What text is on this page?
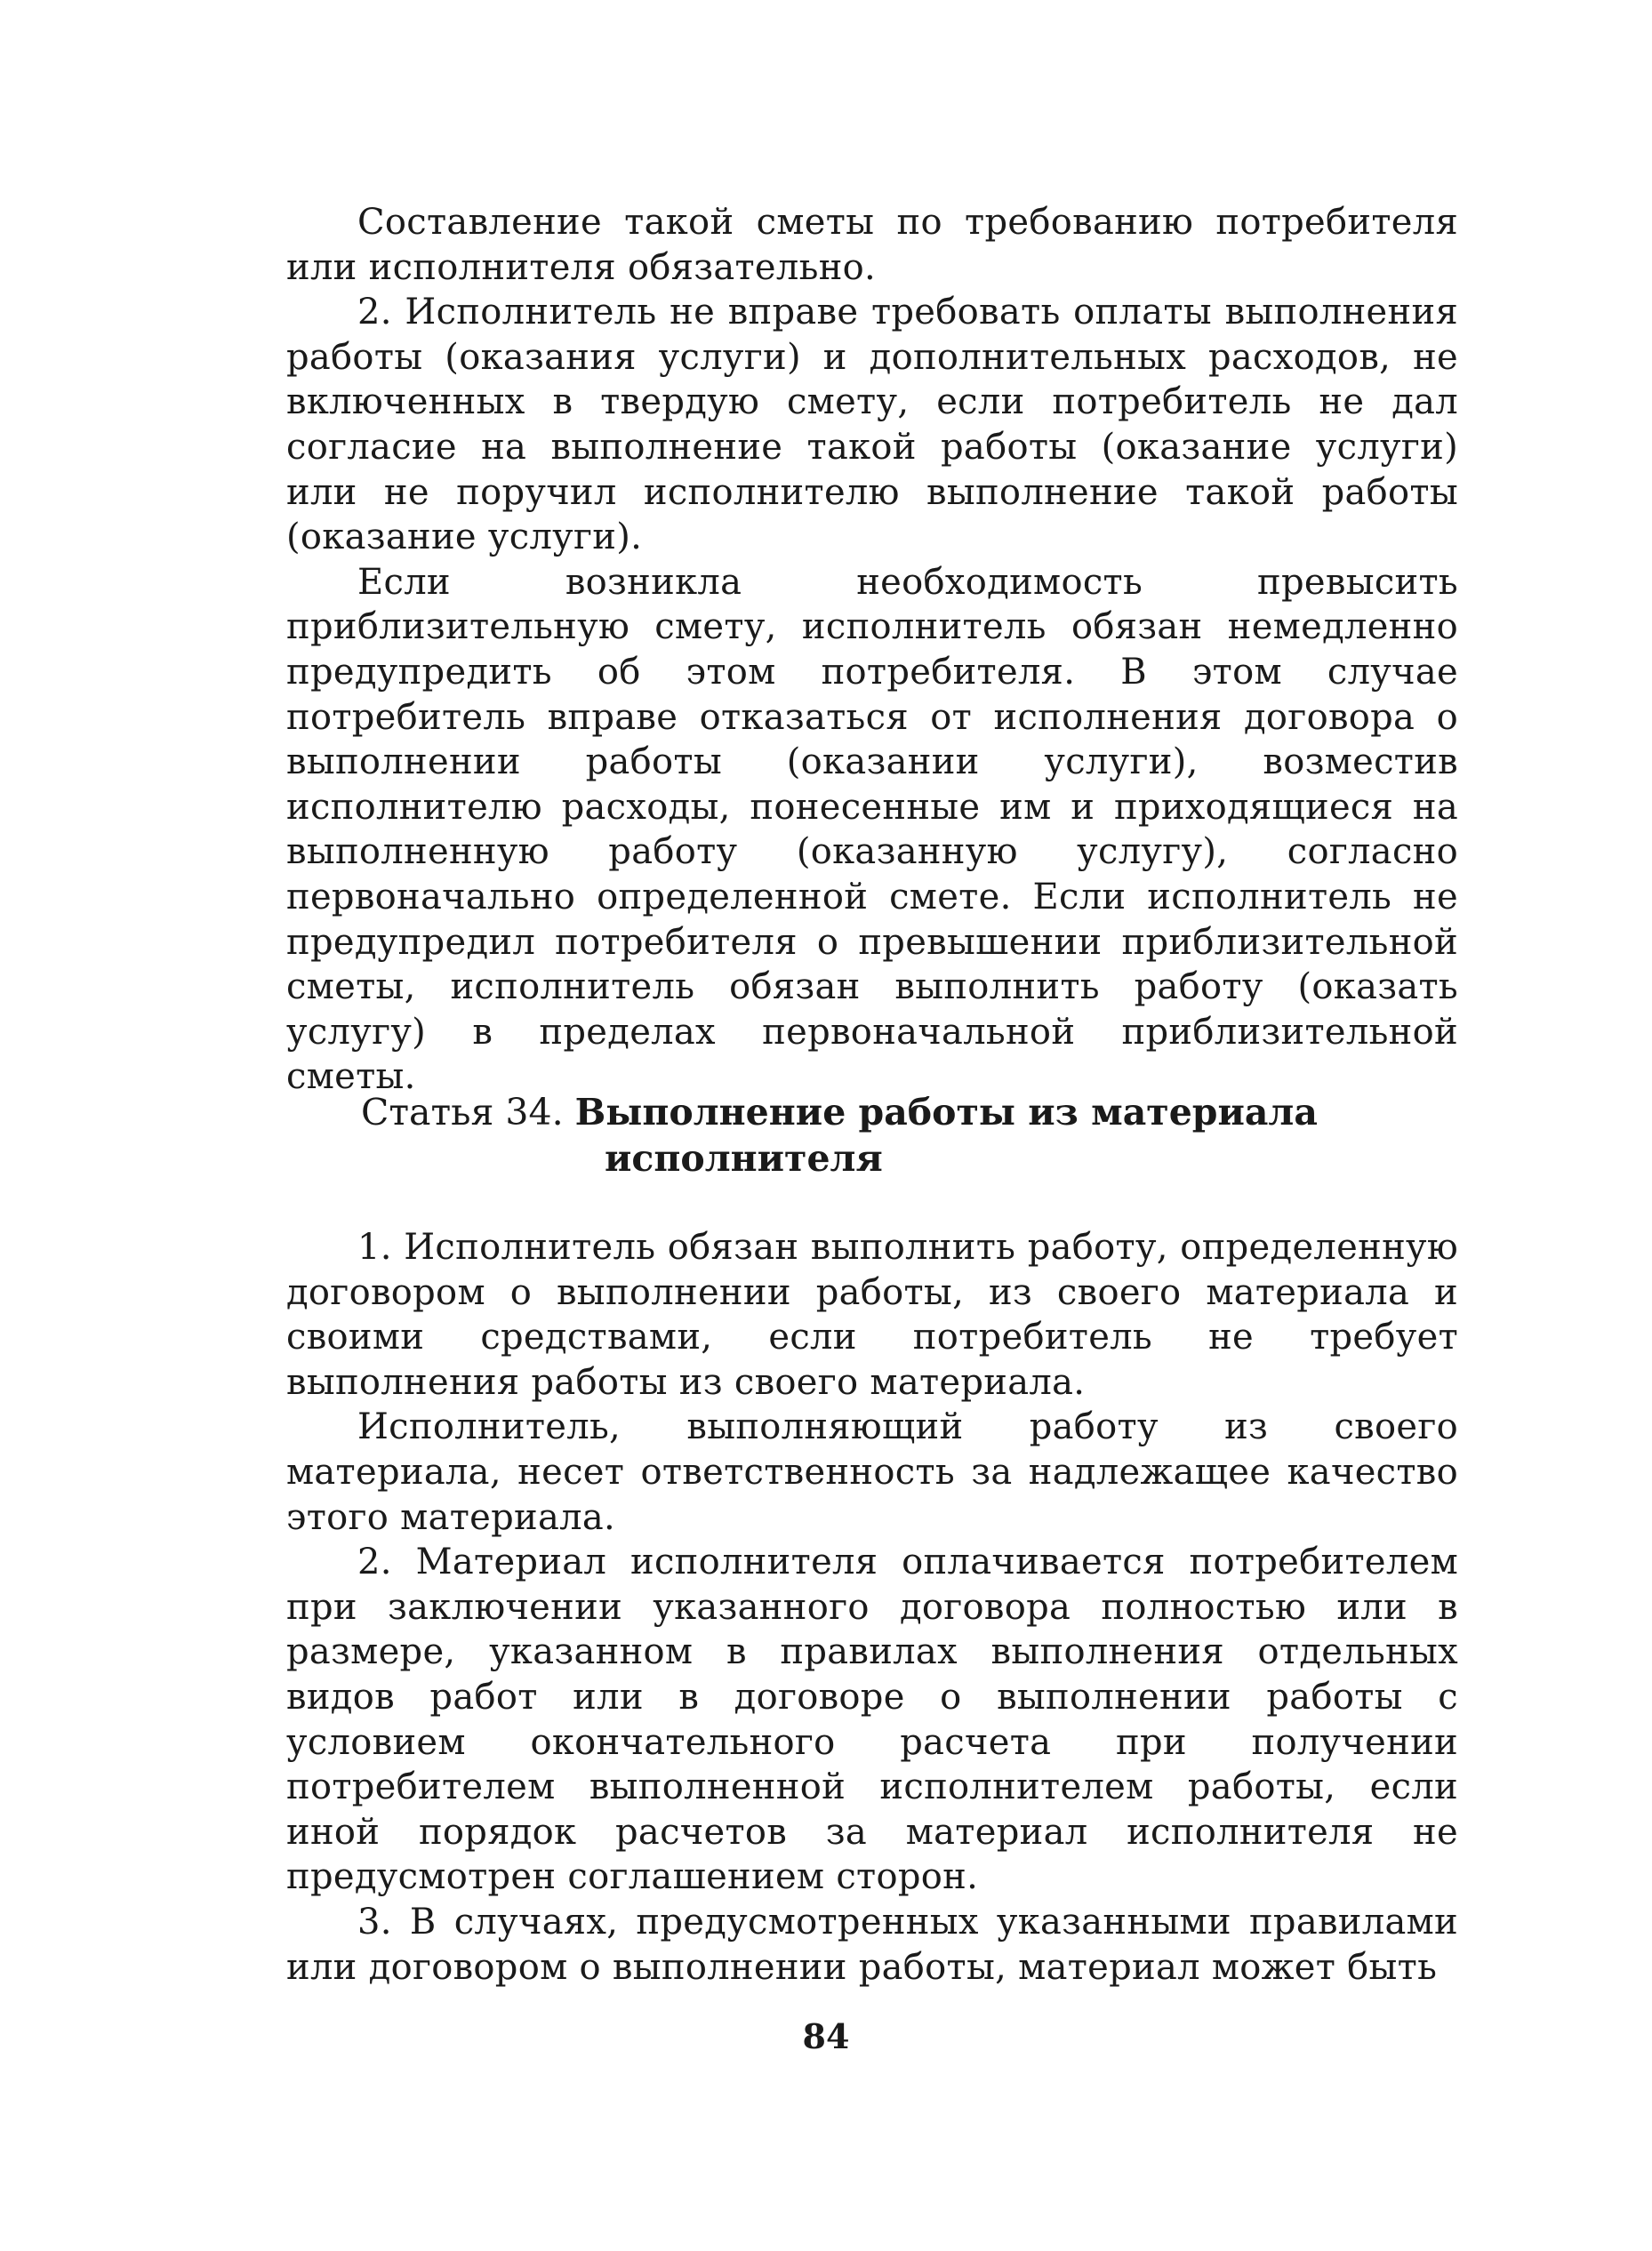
Составление такой сметы по требованию потребителя или исполнителя обязательно.

2. Исполнитель не вправе требовать оплаты выполнения работы (оказания услуги) и дополнительных расходов, не включенных в твердую смету, если потребитель не дал согласие на выполнение такой работы (оказание услуги) или не поручил исполнителю выполнение такой работы (оказание услуги).

Если возникла необходимость превысить приблизительную смету, исполнитель обязан немедленно предупредить об этом потребителя. В этом случае потребитель вправе отказаться от исполнения договора о выполнении работы (оказании услуги), возместив исполнителю расходы, понесенные им и приходящиеся на выполненную работу (оказанную услугу), согласно первоначально определенной смете. Если исполнитель не предупредил потребителя о превышении приблизительной сметы, исполнитель обязан выполнить работу (оказать услугу) в пределах первоначальной приблизительной сметы.

Статья 34. Выполнение работы из материала
исполнителя

1. Исполнитель обязан выполнить работу, определенную договором о выполнении работы, из своего материала и своими средствами, если потребитель не требует выполнения работы из своего материала.

Исполнитель, выполняющий работу из своего материала, несет ответственность за надлежащее качество этого материала.

2. Материал исполнителя оплачивается потребителем при заключении указанного договора полностью или в размере, указанном в правилах выполнения отдельных видов работ или в договоре о выполнении работы с условием окончательного расчета при получении потребителем выполненной исполнителем работы, если иной порядок расчетов за материал исполнителя не предусмотрен соглашением сторон.

3. В случаях, предусмотренных указанными правилами или договором о выполнении работы, материал может быть

84
